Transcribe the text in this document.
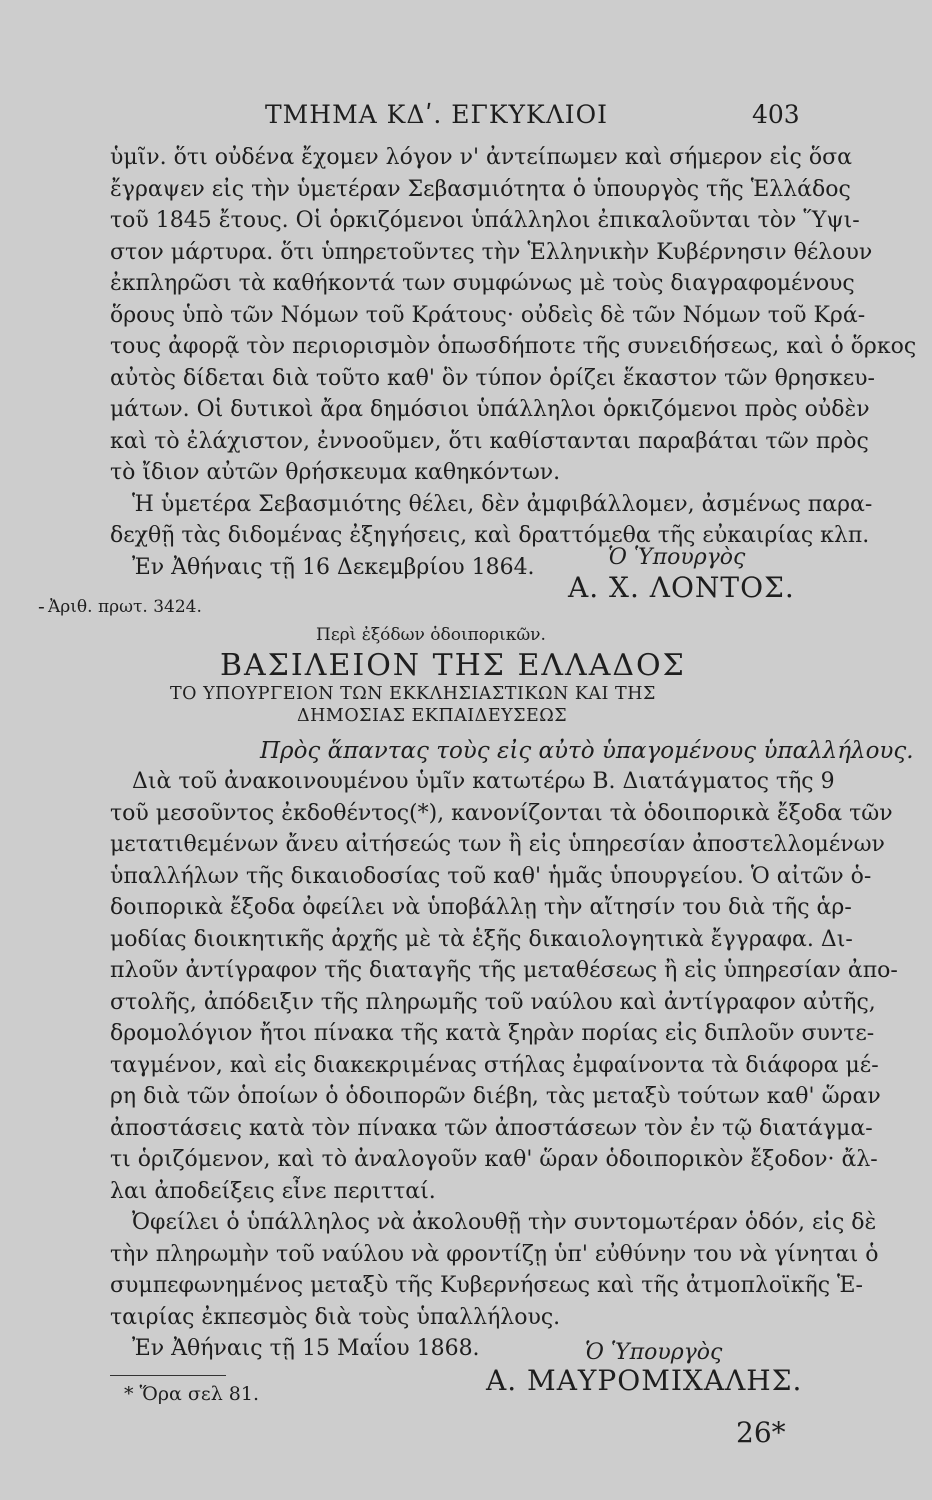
ΤΜΗΜΑ ΚΔʹ. ΕΓΚΥΚΛΙΟΙ	403
ὑμῖν. ὅτι οὐδένα ἔχομεν λόγον ν' ἀντείπωμεν καὶ σήμερον εἰς ὅσα
ἔγραψεν εἰς τὴν ὑμετέραν Σεβασμιότητα ὁ ὑπουργὸς τῆς Ἑλλάδος
τοῦ 1845 ἔτους. Οἱ ὁρκιζόμενοι ὑπάλληλοι ἐπικαλοῦνται τὸν Ὕψι-
στον μάρτυρα. ὅτι ὑπηρετοῦντες τὴν Ἑλληνικὴν Κυβέρνησιν θέλουν
ἐκπληρῶσι τὰ καθήκοντά των συμφώνως μὲ τοὺς διαγραφομένους
ὅρους ὑπὸ τῶν Νόμων τοῦ Κράτους· οὐδεὶς δὲ τῶν Νόμων τοῦ Κρά-
τους ἀφορᾷ τὸν περιορισμὸν ὁπωσδήποτε τῆς συνειδήσεως, καὶ ὁ ὅρκος
αὐτὸς δίδεται διὰ τοῦτο καθ' ὃν τύπον ὁρίζει ἕκαστον τῶν θρησκευ-
μάτων. Οἱ δυτικοὶ ἄρα δημόσιοι ὑπάλληλοι ὁρκιζόμενοι πρὸς οὐδὲν
καὶ τὸ ἐλάχιστον, ἐννοοῦμεν, ὅτι καθίστανται παραβάται τῶν πρὸς
τὸ ἴδιον αὐτῶν θρήσκευμα καθηκόντων.
Ἡ ὑμετέρα Σεβασμιότης θέλει, δὲν ἀμφιβάλλομεν, ἀσμένως παρα-
δεχθῇ τὰς διδομένας ἐξηγήσεις, καὶ δραττόμεθα τῆς εὐκαιρίας κλπ.
Ἐν Ἀθήναις τῇ 16 Δεκεμβρίου 1864.	Ὁ Ὑπουργὸς
Α. Χ. ΛΟΝΤΟΣ.
- Ἀριθ. πρωτ. 3424.
Περὶ ἐξόδων ὁδοιπορικῶν.
ΒΑΣΙΛΕΙΟΝ ΤΗΣ ΕΛΛΑΔΟΣ
ΤΟ ΥΠΟΥΡΓΕΙΟΝ ΤΩΝ ΕΚΚΛΗΣΙΑΣΤΙΚΩΝ ΚΑΙ ΤΗΣ
ΔΗΜΟΣΙΑΣ ΕΚΠΑΙΔΕΥΣΕΩΣ
Πρὸς ἅπαντας τοὺς εἰς αὐτὸ ὑπαγομένους ὑπαλλήλους.
Διὰ τοῦ ἀνακοινουμένου ὑμῖν κατωτέρω Β. Διατάγματος τῆς 9
τοῦ μεσοῦντος ἐκδοθέντος(*), κανονίζονται τὰ ὁδοιπορικὰ ἔξοδα τῶν
μετατιθεμένων ἄνευ αἰτήσεώς των ἢ εἰς ὑπηρεσίαν ἀποστελλομένων
ὑπαλλήλων τῆς δικαιοδοσίας τοῦ καθ' ἡμᾶς ὑπουργείου. Ὁ αἰτῶν ὁ-
δοιπορικὰ ἔξοδα ὀφείλει νὰ ὑποβάλλῃ τὴν αἴτησίν του διὰ τῆς ἁρ-
μοδίας διοικητικῆς ἀρχῆς μὲ τὰ ἑξῆς δικαιολογητικὰ ἔγγραφα. Δι-
πλοῦν ἀντίγραφον τῆς διαταγῆς τῆς μεταθέσεως ἢ εἰς ὑπηρεσίαν ἀπο-
στολῆς, ἀπόδειξιν τῆς πληρωμῆς τοῦ ναύλου καὶ ἀντίγραφον αὐτῆς,
δρομολόγιον ἤτοι πίνακα τῆς κατὰ ξηρὰν πορίας εἰς διπλοῦν συντε-
ταγμένον, καὶ εἰς διακεκριμένας στήλας ἐμφαίνοντα τὰ διάφορα μέ-
ρη διὰ τῶν ὁποίων ὁ ὁδοιπορῶν διέβη, τὰς μεταξὺ τούτων καθ' ὥραν
ἀποστάσεις κατὰ τὸν πίνακα τῶν ἀποστάσεων τὸν ἐν τῷ διατάγμα-
τι ὁριζόμενον, καὶ τὸ ἀναλογοῦν καθ' ὥραν ὁδοιπορικὸν ἔξοδον· ἄλ-
λαι ἀποδείξεις εἶνε περιτταί.
Ὀφείλει ὁ ὑπάλληλος νὰ ἀκολουθῇ τὴν συντομωτέραν ὁδόν, εἰς δὲ
τὴν πληρωμὴν τοῦ ναύλου νὰ φροντίζῃ ὑπ' εὐθύνην του νὰ γίνηται ὁ
συμπεφωνημένος μεταξὺ τῆς Κυβερνήσεως καὶ τῆς ἀτμοπλοϊκῆς Ἑ-
ταιρίας ἐκπεσμὸς διὰ τοὺς ὑπαλλήλους.
Ἐν Ἀθήναις τῇ 15 Μαΐου 1868.	Ὁ Ὑπουργὸς
Α. ΜΑΥΡΟΜΙΧΑΛΗΣ.
* Ὅρα σελ 81.
26*
